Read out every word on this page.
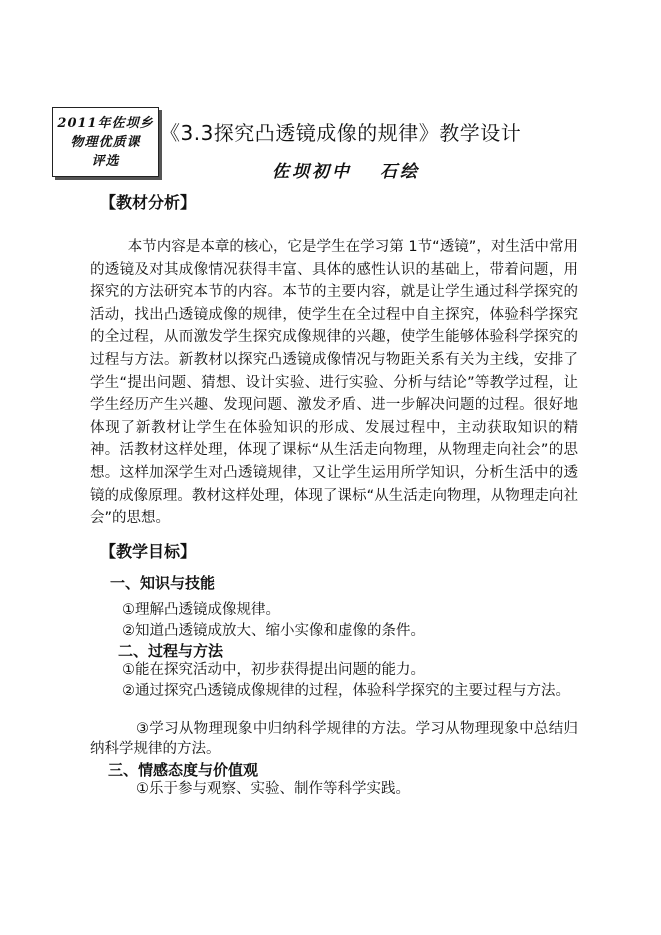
2011年佐坝乡
物理优质课
评选
《3.3探究凸透镜成像的规律》教学设计
佐坝初中 石绘
【教材分析】
本节内容是本章的核心，它是学生在学习第 1节“透镜”，对生活中常用的透镜及对其成像情况获得丰富、具体的感性认识的基础上，带着问题，用探究的方法研究本节的内容。本节的主要内容，就是让学生通过科学探究的活动，找出凸透镜成像的规律，使学生在全过程中自主探究，体验科学探究的全过程，从而激发学生探究成像规律的兴趣，使学生能够体验科学探究的过程与方法。新教材以探究凸透镜成像情况与物距关系有关为主线，安排了学生“提出问题、猜想、设计实验、进行实验、分析与结论”等教学过程，让学生经历产生兴趣、发现问题、激发矛盾、进一步解决问题的过程。很好地体现了新教材让学生在体验知识的形成、发展过程中，主动获取知识的精神。活教材这样处理，体现了课标“从生活走向物理，从物理走向社会”的思想。这样加深学生对凸透镜规律，又让学生运用所学知识，分析生活中的透镜的成像原理。教材这样处理，体现了课标“从生活走向物理，从物理走向社会”的思想。
【教学目标】
一、知识与技能
①理解凸透镜成像规律。
②知道凸透镜成放大、缩小实像和虚像的条件。
二、过程与方法
①能在探究活动中，初步获得提出问题的能力。
②通过探究凸透镜成像规律的过程，体验科学探究的主要过程与方法。
③学习从物理现象中归纳科学规律的方法。学习从物理现象中总结归纳科学规律的方法。
三、情感态度与价值观
①乐于参与观察、实验、制作等科学实践。
